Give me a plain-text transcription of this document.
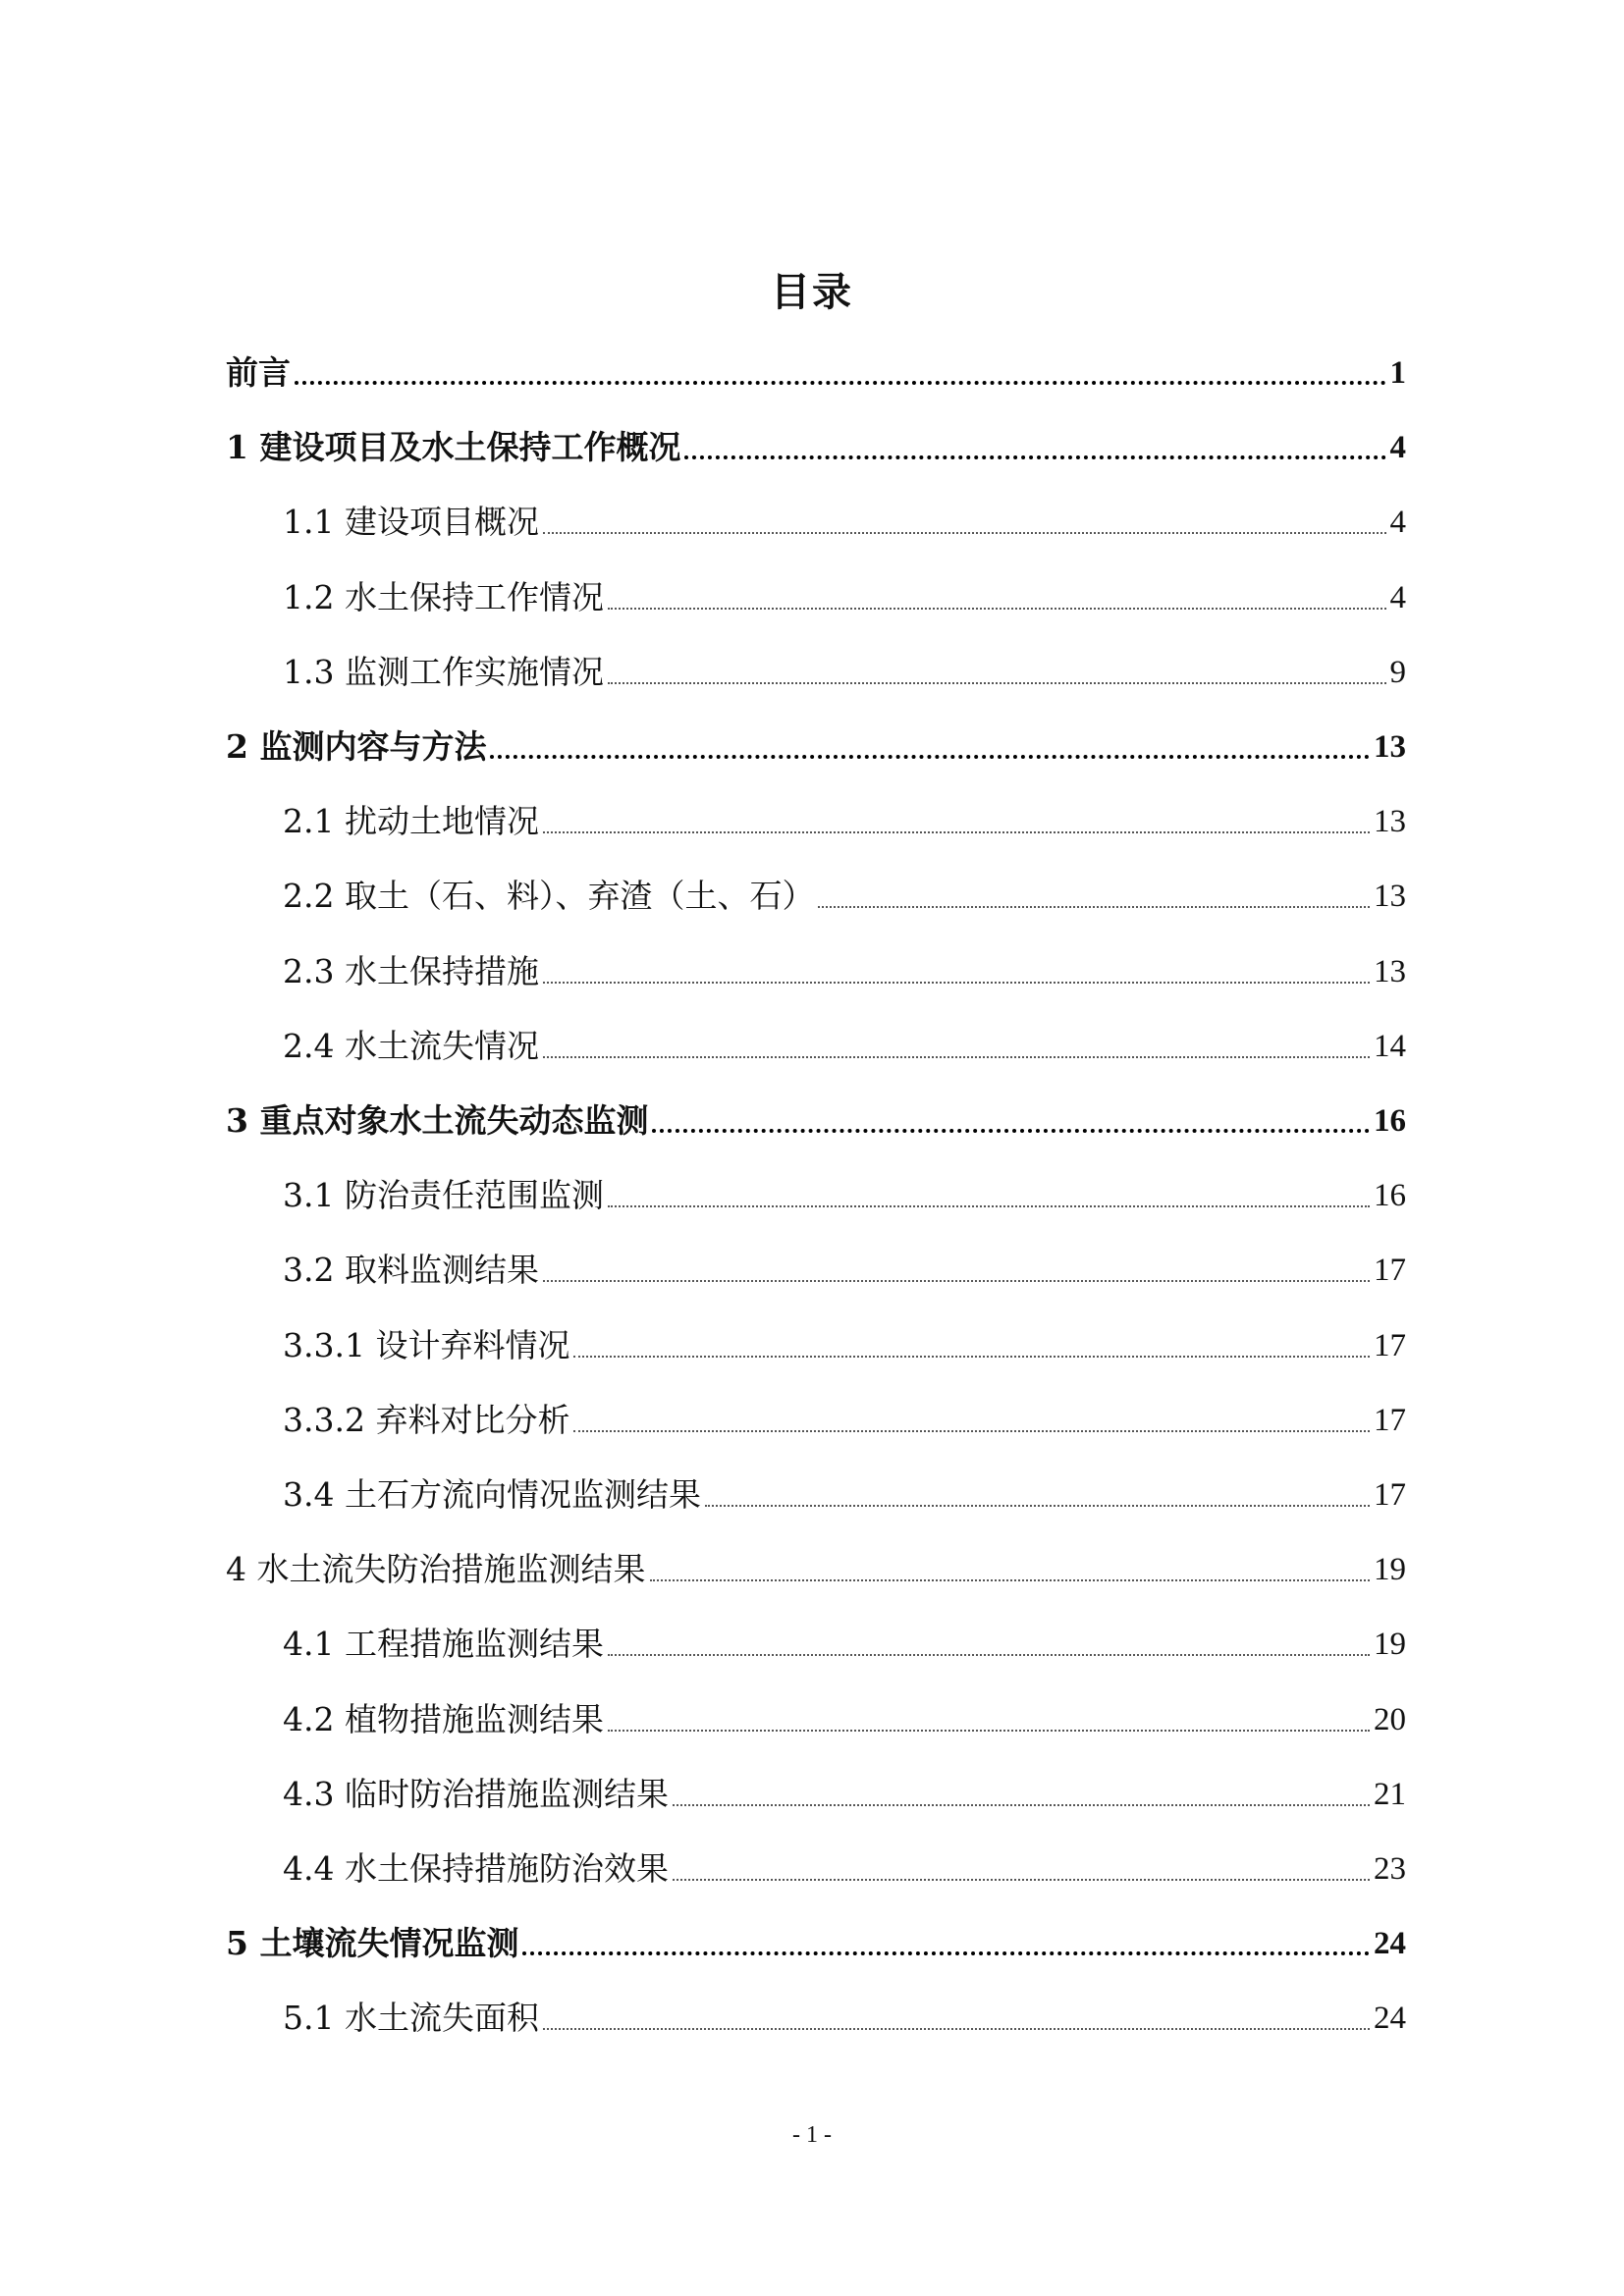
目录
前言	1
1 建设项目及水土保持工作概况	4
1.1 建设项目概况	4
1.2 水土保持工作情况	4
1.3 监测工作实施情况	9
2 监测内容与方法	13
2.1 扰动土地情况	13
2.2 取土（石、料）、弃渣（土、石）	13
2.3 水土保持措施	13
2.4 水土流失情况	14
3 重点对象水土流失动态监测	16
3.1 防治责任范围监测	16
3.2 取料监测结果	17
3.3.1 设计弃料情况	17
3.3.2 弃料对比分析	17
3.4 土石方流向情况监测结果	17
4 水土流失防治措施监测结果	19
4.1 工程措施监测结果	19
4.2 植物措施监测结果	20
4.3 临时防治措施监测结果	21
4.4 水土保持措施防治效果	23
5 土壤流失情况监测	24
5.1 水土流失面积	24
- 1 -
